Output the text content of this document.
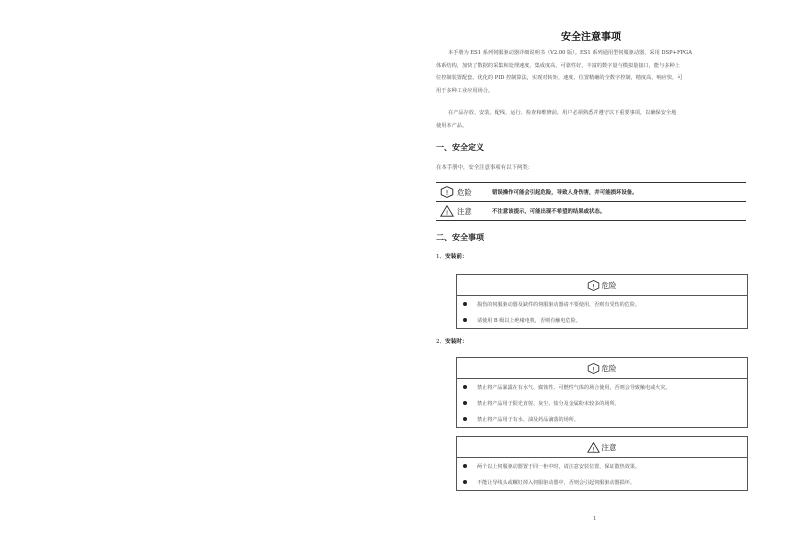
安全注意事项
本手册为 ES1 系列伺服驱动器详细说明书（V2.00 版）。ES1 系列通用型伺服驱动器，采用 DSP+FPGA
体系结构，加快了数据的采集和处理速度，集成度高、可靠性好，丰富的数字量与模拟量接口，能与多种上
位控制装置配套。优化的 PID 控制算法，实现对转矩、速度、位置精确的全数字控制，精度高、响应快，可
用于多种工业应用场合。
在产品存放、安装、配线、运行、检查和维修前，用户必须熟悉并遵守以下重要事项，以确保安全地
使用本产品。
一、安全定义
在本手册中，安全注意事项有以下两类：
! 危险	错误操作可能会引起危险，导致人身伤害，并可能损坏设备。
! 注意	不注意该提示，可能出现不希望的结果或状态。
二、安全事项
1、安装前：
! 危险
损伤的伺服驱动器及缺件的伺服驱动器请不要使用，否则有受伤的危险。
请使用 B 级以上绝缘电机，否则有触电危险。
2、安装时：
! 危险
禁止将产品暴露在有水气、腐蚀性、可燃性气体的场合使用，否则会导致触电或火灾。
禁止将产品用于阳光直射、灰尘、盐分及金属粉末较多的场所。
禁止将产品用于有水、油及药品滴落的场所。
! 注意
两个以上伺服驱动器置于同一柜中时，请注意安装位置，保证散热效果。
不能让导线头或螺钉掉入伺服驱动器中，否则会引起伺服驱动器损坏。
1
